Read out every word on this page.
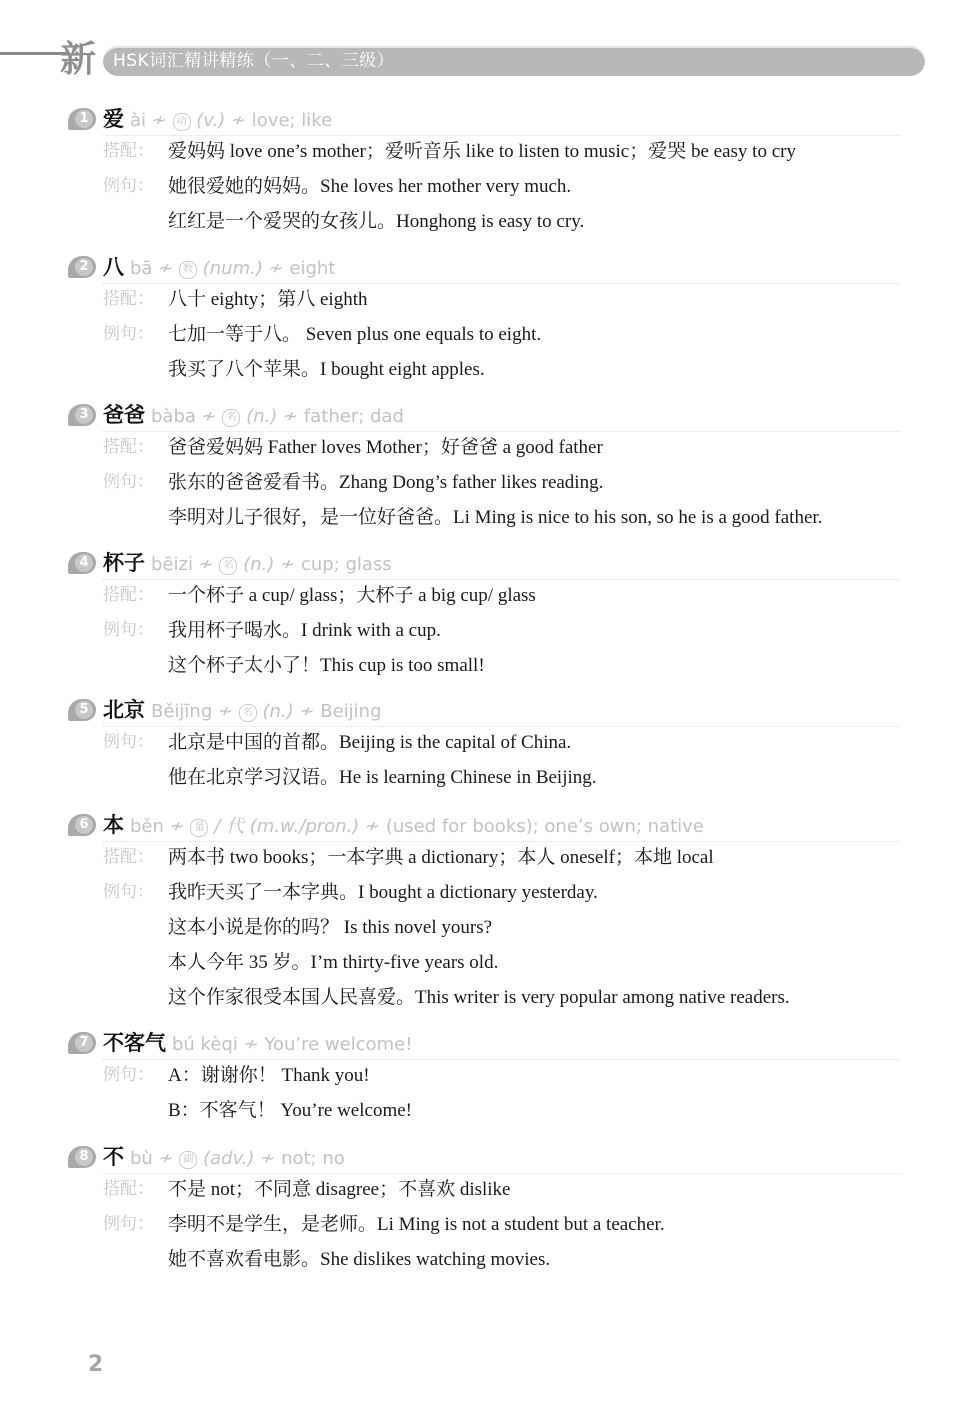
新 HSK词汇精讲精练（一、二、三级）
1 爱 ài ≁ 动 (v.) ≁ love; like
搭配： 爱妈妈 love one’s mother；爱听音乐 like to listen to music；爱哭 be easy to cry
例句： 她很爱她的妈妈。She loves her mother very much.
红红是一个爱哭的女孩儿。Honghong is easy to cry.
2 八 bā ≁ 数 (num.) ≁ eight
搭配： 八十 eighty；第八 eighth
例句： 七加一等于八。 Seven plus one equals to eight.
我买了八个苹果。I bought eight apples.
3 爸爸 bàba ≁ 名 (n.) ≁ father; dad
搭配： 爸爸爱妈妈 Father loves Mother；好爸爸 a good father
例句： 张东的爸爸爱看书。Zhang Dong’s father likes reading.
李明对儿子很好，是一位好爸爸。Li Ming is nice to his son, so he is a good father.
4 杯子 bēizi ≁ 名 (n.) ≁ cup; glass
搭配： 一个杯子 a cup/ glass；大杯子 a big cup/ glass
例句： 我用杯子喝水。I drink with a cup.
这个杯子太小了！This cup is too small!
5 北京 Běijīng ≁ 名 (n.) ≁ Beijing
例句： 北京是中国的首都。Beijing is the capital of China.
他在北京学习汉语。He is learning Chinese in Beijing.
6 本 běn ≁ 量 / 代 (m.w./pron.) ≁ (used for books); one’s own; native
搭配： 两本书 two books；一本字典 a dictionary；本人 oneself；本地 local
例句： 我昨天买了一本字典。I bought a dictionary yesterday.
这本小说是你的吗？ Is this novel yours?
本人今年 35 岁。I’m thirty-five years old.
这个作家很受本国人民喜爱。This writer is very popular among native readers.
7 不客气 bú kèqi ≁ You’re welcome!
例句： A：谢谢你！ Thank you!
B：不客气！ You’re welcome!
8 不 bù ≁ 副 (adv.) ≁ not; no
搭配： 不是 not；不同意 disagree；不喜欢 dislike
例句： 李明不是学生，是老师。Li Ming is not a student but a teacher.
她不喜欢看电影。She dislikes watching movies.
2
